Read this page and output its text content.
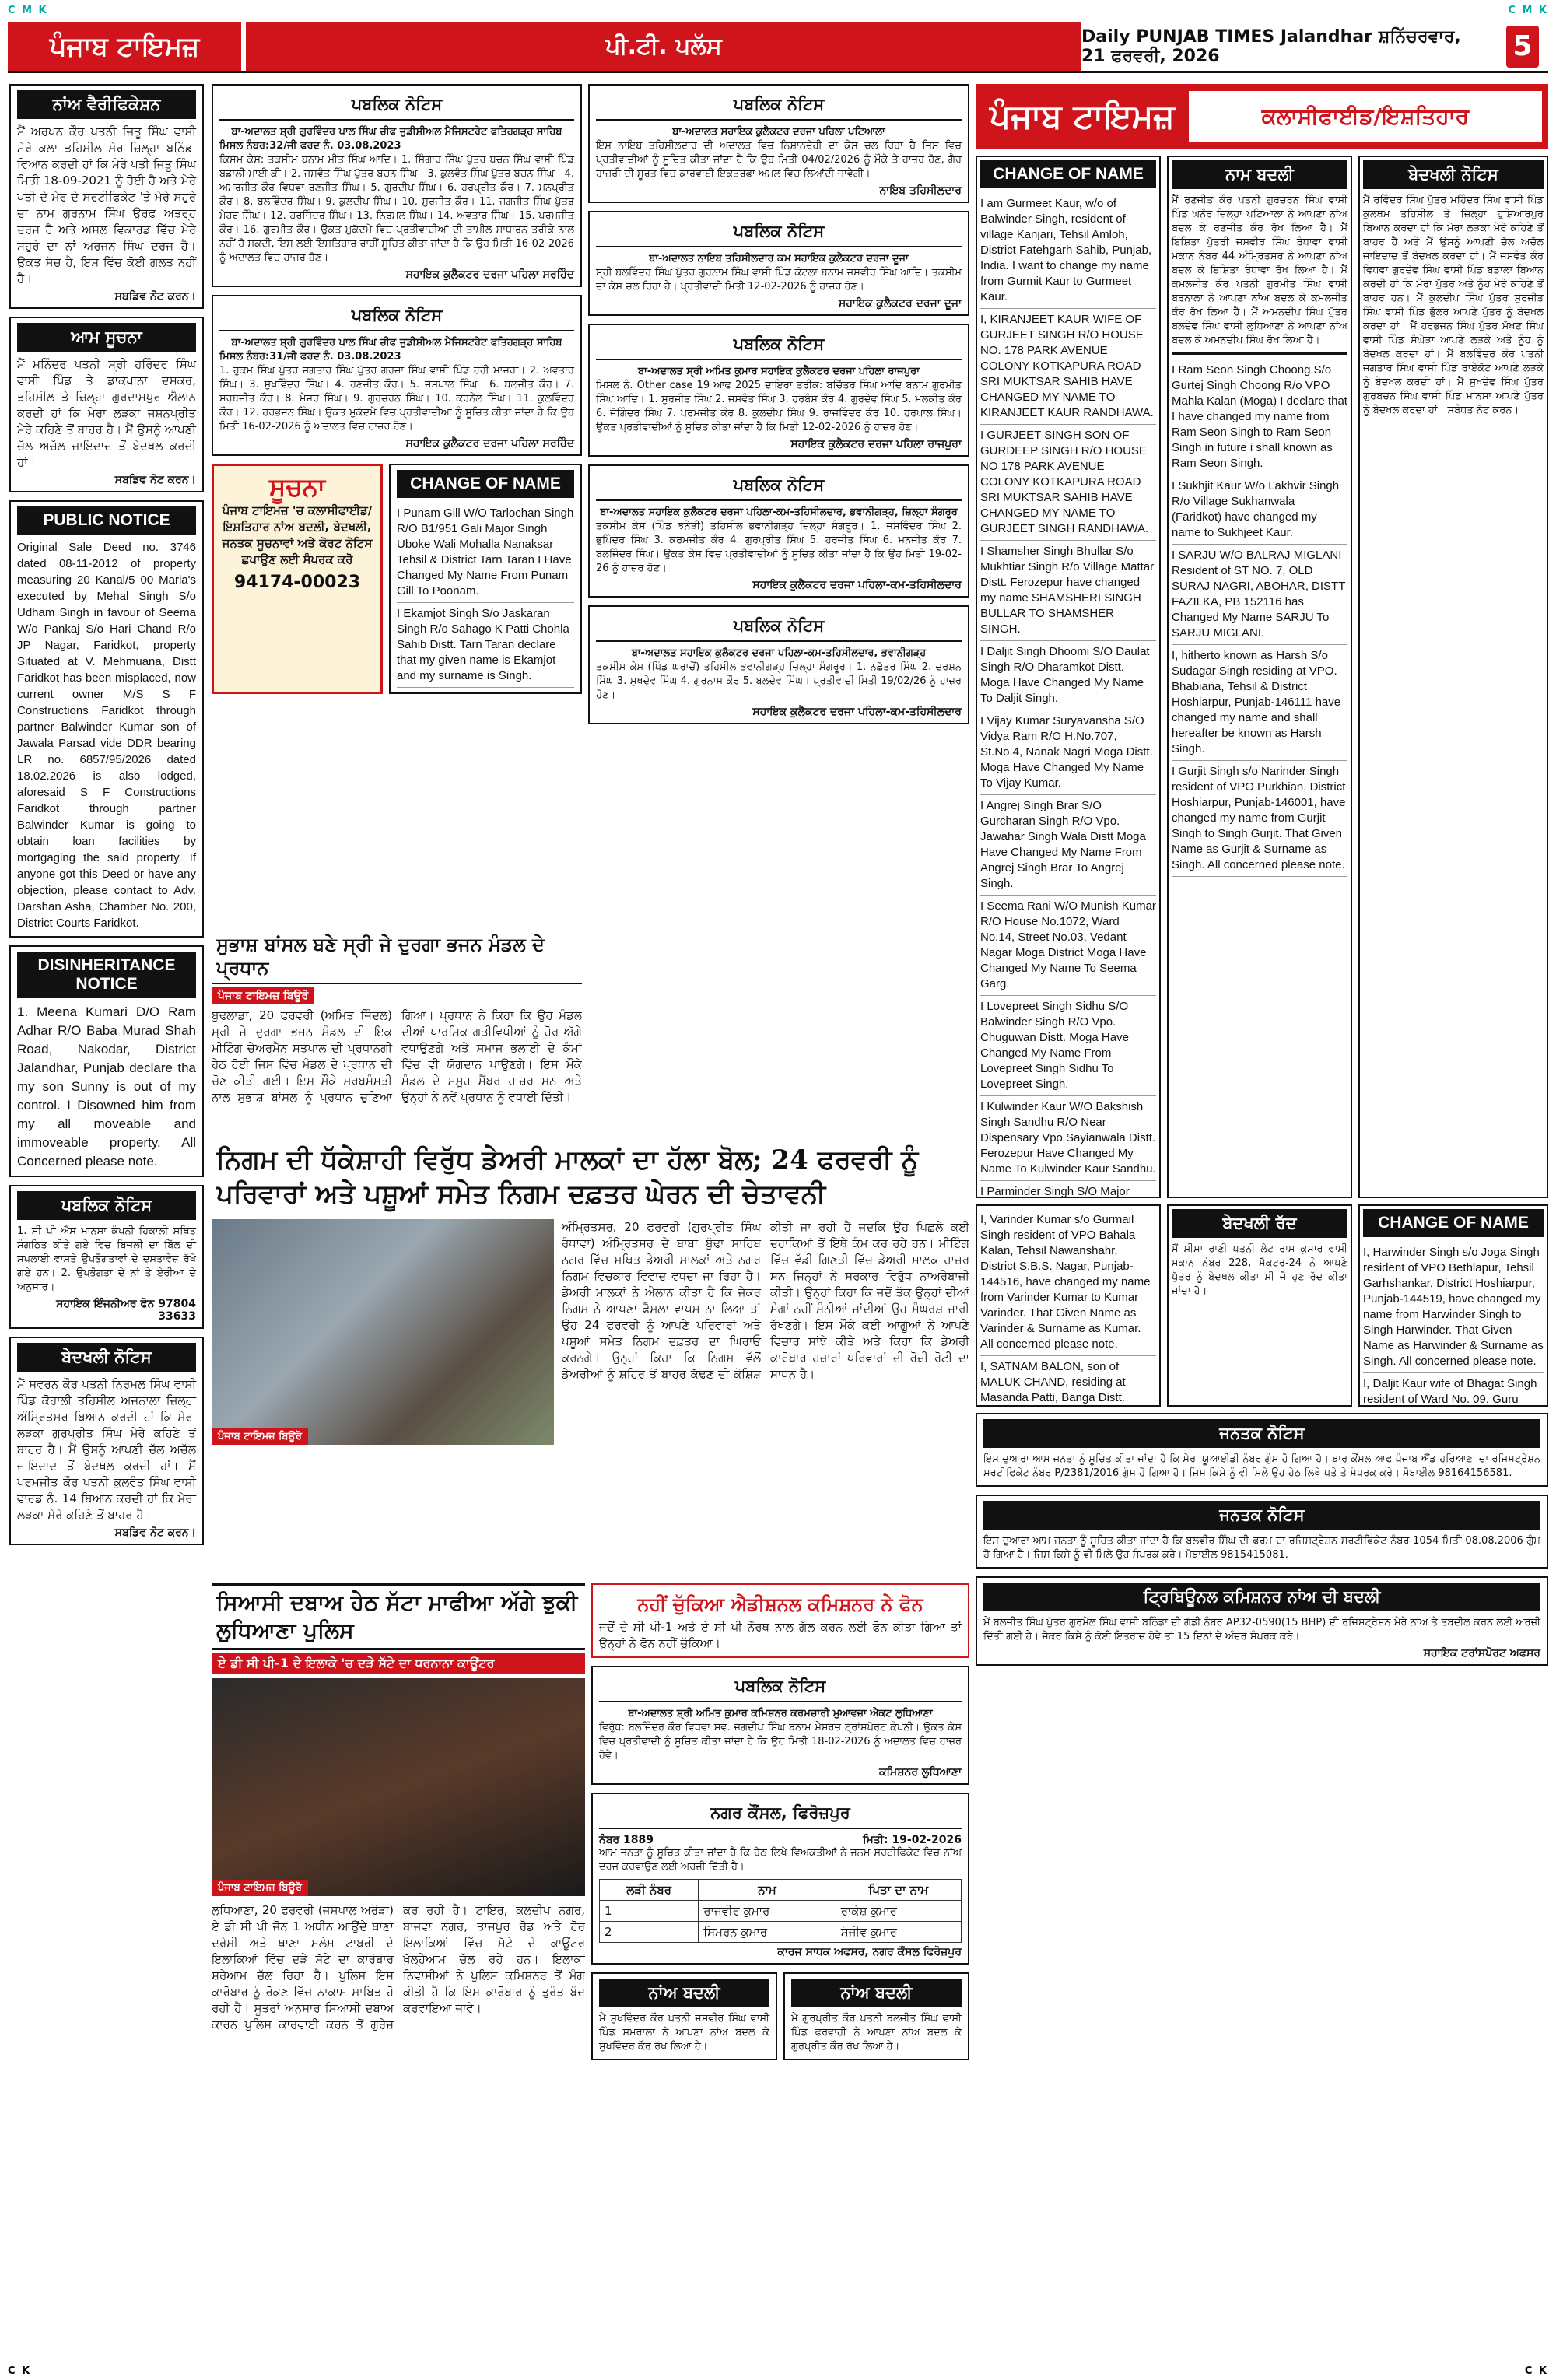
C M K	C M K
ਪੰਜਾਬ ਟਾਇਮਜ਼	ਪੀ.ਟੀ. ਪਲੱਸ	Daily PUNJAB TIMES Jalandhar ਸ਼ਨਿੱਚਰਵਾਰ, 21 ਫਰਵਰੀ, 2026	5
ਨਾਂਅ ਵੈਰੀਫਿਕੇਸ਼ਨ

ਮੈਂ ਅਰਪਨ ਕੌਰ ਪਤਨੀ ਜਿਤੂ ਸਿੰਘ ਵਾਸੀ ਮੇਰੇ ਕਲਾ ਤਹਿਸੀਲ ਮੇਰ ਜ਼ਿਲ੍ਹਾ ਬਠਿੰਡਾ ਵਿਆਨ ਕਰਦੀ ਹਾਂ ਕਿ ਮੇਰੇ ਪਤੀ ਜਿਤੂ ਸਿੰਘ ਮਿਤੀ 18-09-2021 ਨੂੰ ਹੋਈ ਹੈ ਅਤੇ ਮੇਰੇ ਪਤੀ ਦੇ ਮੇਰ ਦੇ ਸਰਟੀਫਿਕੇਟ 'ਤੇ ਮੇਰੇ ਸਹੁਰੇ ਦਾ ਨਾਮ ਗੁਰਨਾਮ ਸਿੰਘ ਉਰਫ ਅਤਰ੍ਹ ਦਰਜ ਹੈ ਅਤੇ ਅਸਲ ਵਿਕਾਰਡ ਵਿੱਚ ਮੇਰੇ ਸਹੁਰੇ ਦਾ ਨਾਂ ਅਰਜਨ ਸਿੰਘ ਦਰਜ ਹੈ। ਉਕਤ ਸੱਚ ਹੈ, ਇਸ ਵਿੱਚ ਕੋਈ ਗਲਤ ਨਹੀਂ ਹੈ।

ਸਬਡਿਵ ਨੋਟ ਕਰਨ।

ਆਮ ਸੂਚਨਾ

ਮੈਂ ਮਨਿੰਦਰ ਪਤਨੀ ਸ੍ਰੀ ਹਰਿੰਦਰ ਸਿੰਘ ਵਾਸੀ ਪਿੰਡ ਤੇ ਡਾਕਖਾਨਾ ਦਸਕਰ, ਤਹਿਸੀਲ ਤੇ ਜ਼ਿਲ੍ਹਾ ਗੁਰਦਾਸਪੁਰ ਐਲਾਨ ਕਰਦੀ ਹਾਂ ਕਿ ਮੇਰਾ ਲੜਕਾ ਜਸ਼ਨਪ੍ਰੀਤ ਮੇਰੇ ਕਹਿਣੇ ਤੋਂ ਬਾਹਰ ਹੈ। ਮੈਂ ਉਸਨੂੰ ਆਪਣੀ ਚੱਲ ਅਚੱਲ ਜਾਇਦਾਦ ਤੋਂ ਬੇਦਖਲ ਕਰਦੀ ਹਾਂ।

ਸਬਡਿਵ ਨੋਟ ਕਰਨ।

PUBLIC NOTICE

Original Sale Deed no. 3746 dated 08-11-2012 of property measuring 20 Kanal/5 00 Marla's executed by Mehal Singh S/o Udham Singh in favour of Seema W/o Pankaj S/o Hari Chand R/o JP Nagar, Faridkot, property Situated at V. Mehmuana, Distt Faridkot has been misplaced, now current owner M/S S F Constructions Faridkot through partner Balwinder Kumar son of Jawala Parsad vide DDR bearing LR no. 6857/95/2026 dated 18.02.2026 is also lodged, aforesaid S F Constructions Faridkot through partner Balwinder Kumar is going to obtain loan facilities by mortgaging the said property. If anyone got this Deed or have any objection, please contact to Adv. Darshan Asha, Chamber No. 200, District Courts Faridkot.

DISINHERITANCE NOTICE

1. Meena Kumari D/O Ram Adhar R/O Baba Murad Shah Road, Nakodar, District Jalandhar, Punjab declare tha my son Sunny is out of my control. I Disowned him from my all moveable and immoveable property. All Concerned please note.

ਪਬਲਿਕ ਨੋਟਿਸ

1. ਸੀ ਪੀ ਐਸ ਮਾਨਸਾ ਕੰਪਨੀ ਹਿਕਾਲੀ ਸਥਿਤ ਸੰਗਠਿਤ ਕੀਤੇ ਗਏ ਵਿਚ ਬਿਜਲੀ ਦਾ ਬਿੱਲ ਦੀ ਸਪਲਾਈ ਵਾਸਤੇ ਉਪਭੋਗਤਾਵਾਂ ਦੇ ਦਸਤਾਵੇਜ਼ ਰੱਖੇ ਗਏ ਹਨ। 2. ਉਪਭੋਗਤਾ ਦੇ ਨਾਂ ਤੇ ਏਰੀਆ ਦੇ ਅਨੁਸਾਰ।

ਸਹਾਇਕ ਇੰਜਨੀਅਰ ਫੋਨ 97804 33633

ਬੇਦਖਲੀ ਨੋਟਿਸ

ਮੈਂ ਸਵਰਨ ਕੌਰ ਪਤਨੀ ਨਿਰਮਲ ਸਿੰਘ ਵਾਸੀ ਪਿੰਡ ਕੋਹਾਲੀ ਤਹਿਸੀਲ ਅਜਨਾਲਾ ਜ਼ਿਲ੍ਹਾ ਅੰਮ੍ਰਿਤਸਰ ਬਿਆਨ ਕਰਦੀ ਹਾਂ ਕਿ ਮੇਰਾ ਲੜਕਾ ਗੁਰਪ੍ਰੀਤ ਸਿੰਘ ਮੇਰੇ ਕਹਿਣੇ ਤੋਂ ਬਾਹਰ ਹੈ। ਮੈਂ ਉਸਨੂੰ ਆਪਣੀ ਚੱਲ ਅਚੱਲ ਜਾਇਦਾਦ ਤੋਂ ਬੇਦਖਲ ਕਰਦੀ ਹਾਂ। ਮੈਂ ਪਰਮਜੀਤ ਕੌਰ ਪਤਨੀ ਕੁਲਵੰਤ ਸਿੰਘ ਵਾਸੀ ਵਾਰਡ ਨੰ. 14 ਬਿਆਨ ਕਰਦੀ ਹਾਂ ਕਿ ਮੇਰਾ ਲੜਕਾ ਮੇਰੇ ਕਹਿਣੇ ਤੋਂ ਬਾਹਰ ਹੈ।

ਸਬਡਿਵ ਨੋਟ ਕਰਨ।

ਪਬਲਿਕ ਨੋਟਿਸ

ਬਾ-ਅਦਾਲਤ ਸ਼੍ਰੀ ਗੁਰਵਿੰਦਰ ਪਾਲ ਸਿੰਘ ਚੀਫ ਜੁਡੀਸ਼ੀਅਲ ਮੈਜਿਸਟਰੇਟ ਫਤਿਹਗੜ੍ਹ ਸਾਹਿਬ

ਮਿਸਲ ਨੰਬਰ:32/ਜੀ ਫਰਦ ਨੰ. 03.08.2023

ਕਿਸਮ ਕੇਸ: ਤਕਸੀਮ ਬਨਾਮ ਮੀਤ ਸਿੰਘ ਆਦਿ। 1. ਸਿੰਗਾਰ ਸਿੰਘ ਪੁੱਤਰ ਬਚਨ ਸਿੰਘ ਵਾਸੀ ਪਿੰਡ ਬਡਾਲੀ ਮਾਈ ਕੀ। 2. ਜਸਵੰਤ ਸਿੰਘ ਪੁੱਤਰ ਬਚਨ ਸਿੰਘ। 3. ਕੁਲਵੰਤ ਸਿੰਘ ਪੁੱਤਰ ਬਚਨ ਸਿੰਘ। 4. ਅਮਰਜੀਤ ਕੌਰ ਵਿਧਵਾ ਰਣਜੀਤ ਸਿੰਘ। 5. ਗੁਰਦੀਪ ਸਿੰਘ। 6. ਹਰਪ੍ਰੀਤ ਕੌਰ। 7. ਮਨਪ੍ਰੀਤ ਕੌਰ। 8. ਬਲਵਿੰਦਰ ਸਿੰਘ। 9. ਕੁਲਦੀਪ ਸਿੰਘ। 10. ਸੁਰਜੀਤ ਕੌਰ। 11. ਜਗਜੀਤ ਸਿੰਘ ਪੁੱਤਰ ਮੇਹਰ ਸਿੰਘ। 12. ਹਰਜਿੰਦਰ ਸਿੰਘ। 13. ਨਿਰਮਲ ਸਿੰਘ। 14. ਅਵਤਾਰ ਸਿੰਘ। 15. ਪਰਮਜੀਤ ਕੌਰ। 16. ਗੁਰਮੀਤ ਕੌਰ। ਉਕਤ ਮੁਕੱਦਮੇ ਵਿਚ ਪ੍ਰਤੀਵਾਦੀਆਂ ਦੀ ਤਾਮੀਲ ਸਾਧਾਰਨ ਤਰੀਕੇ ਨਾਲ ਨਹੀਂ ਹੋ ਸਕਦੀ, ਇਸ ਲਈ ਇਸ਼ਤਿਹਾਰ ਰਾਹੀਂ ਸੂਚਿਤ ਕੀਤਾ ਜਾਂਦਾ ਹੈ ਕਿ ਉਹ ਮਿਤੀ 16-02-2026 ਨੂੰ ਅਦਾਲਤ ਵਿਚ ਹਾਜ਼ਰ ਹੋਣ।

ਸਹਾਇਕ ਕੁਲੈਕਟਰ ਦਰਜਾ ਪਹਿਲਾ ਸਰਹਿੰਦ

ਪਬਲਿਕ ਨੋਟਿਸ

ਬਾ-ਅਦਾਲਤ ਸ਼੍ਰੀ ਗੁਰਵਿੰਦਰ ਪਾਲ ਸਿੰਘ ਚੀਫ ਜੁਡੀਸ਼ੀਅਲ ਮੈਜਿਸਟਰੇਟ ਫਤਿਹਗੜ੍ਹ ਸਾਹਿਬ

ਮਿਸਲ ਨੰਬਰ:31/ਜੀ ਫਰਦ ਨੰ. 03.08.2023

1. ਹੁਕਮ ਸਿੰਘ ਪੁੱਤਰ ਜਗਤਾਰ ਸਿੰਘ ਪੁੱਤਰ ਗਰਜਾ ਸਿੰਘ ਵਾਸੀ ਪਿੰਡ ਹਰੀ ਮਾਜਰਾ। 2. ਅਵਤਾਰ ਸਿੰਘ। 3. ਸੁਖਵਿੰਦਰ ਸਿੰਘ। 4. ਰਣਜੀਤ ਕੌਰ। 5. ਜਸਪਾਲ ਸਿੰਘ। 6. ਬਲਜੀਤ ਕੌਰ। 7. ਸਰਬਜੀਤ ਕੌਰ। 8. ਮੇਜਰ ਸਿੰਘ। 9. ਗੁਰਚਰਨ ਸਿੰਘ। 10. ਕਰਨੈਲ ਸਿੰਘ। 11. ਕੁਲਵਿੰਦਰ ਕੌਰ। 12. ਹਰਭਜਨ ਸਿੰਘ। ਉਕਤ ਮੁਕੱਦਮੇ ਵਿਚ ਪ੍ਰਤੀਵਾਦੀਆਂ ਨੂੰ ਸੂਚਿਤ ਕੀਤਾ ਜਾਂਦਾ ਹੈ ਕਿ ਉਹ ਮਿਤੀ 16-02-2026 ਨੂੰ ਅਦਾਲਤ ਵਿਚ ਹਾਜ਼ਰ ਹੋਣ।

ਸਹਾਇਕ ਕੁਲੈਕਟਰ ਦਰਜਾ ਪਹਿਲਾ ਸਰਹਿੰਦ

ਸੂਚਨਾ

ਪੰਜਾਬ ਟਾਇਮਜ਼ 'ਚ ਕਲਾਸੀਫਾਈਡ/ ਇਸ਼ਤਿਹਾਰ ਨਾਂਅ ਬਦਲੀ, ਬੇਦਖਲੀ, ਜਨਤਕ ਸੂਚਨਾਵਾਂ ਅਤੇ ਕੋਰਟ ਨੋਟਿਸ ਛਪਾਉਣ ਲਈ ਸੰਪਰਕ ਕਰੋ

94174-00023
CHANGE OF NAME
I Punam Gill W/O Tarlochan Singh R/O B1/951 Gali Major Singh Uboke Wali Mohalla Nanaksar Tehsil & District Tarn Taran I Have Changed My Name From Punam Gill To Poonam.
I Ekamjot Singh S/o Jaskaran Singh R/o Sahago K Patti Chohla Sahib Distt. Tarn Taran declare that my given name is Ekamjot and my surname is Singh.
ਸੁਭਾਸ਼ ਬਾਂਸਲ ਬਣੇ ਸ੍ਰੀ ਜੇ ਦੁਰਗਾ ਭਜਨ ਮੰਡਲ ਦੇ ਪ੍ਰਧਾਨ
ਪੰਜਾਬ ਟਾਇਮਜ਼ ਬਿਊਰੋ

ਬੁਢਲਾਡਾ, 20 ਫਰਵਰੀ (ਅਮਿਤ ਜਿੰਦਲ) ਸ੍ਰੀ ਜੇ ਦੁਰਗਾ ਭਜਨ ਮੰਡਲ ਦੀ ਇਕ ਮੀਟਿੰਗ ਚੇਅਰਮੈਨ ਸਤਪਾਲ ਦੀ ਪ੍ਰਧਾਨਗੀ ਹੇਠ ਹੋਈ ਜਿਸ ਵਿੱਚ ਮੰਡਲ ਦੇ ਪ੍ਰਧਾਨ ਦੀ ਚੋਣ ਕੀਤੀ ਗਈ। ਇਸ ਮੌਕੇ ਸਰਬਸੰਮਤੀ ਨਾਲ ਸੁਭਾਸ਼ ਬਾਂਸਲ ਨੂੰ ਪ੍ਰਧਾਨ ਚੁਣਿਆ ਗਿਆ। ਪ੍ਰਧਾਨ ਨੇ ਕਿਹਾ ਕਿ ਉਹ ਮੰਡਲ ਦੀਆਂ ਧਾਰਮਿਕ ਗਤੀਵਿਧੀਆਂ ਨੂੰ ਹੋਰ ਅੱਗੇ ਵਧਾਉਣਗੇ ਅਤੇ ਸਮਾਜ ਭਲਾਈ ਦੇ ਕੰਮਾਂ ਵਿੱਚ ਵੀ ਯੋਗਦਾਨ ਪਾਉਣਗੇ। ਇਸ ਮੌਕੇ ਮੰਡਲ ਦੇ ਸਮੂਹ ਮੈਂਬਰ ਹਾਜ਼ਰ ਸਨ ਅਤੇ ਉਨ੍ਹਾਂ ਨੇ ਨਵੇਂ ਪ੍ਰਧਾਨ ਨੂੰ ਵਧਾਈ ਦਿੱਤੀ।

ਪਬਲਿਕ ਨੋਟਿਸ

ਬਾ-ਅਦਾਲਤ ਸਹਾਇਕ ਕੁਲੈਕਟਰ ਦਰਜਾ ਪਹਿਲਾ ਪਟਿਆਲਾ

ਇਸ ਨਾਇਬ ਤਹਿਸੀਲਦਾਰ ਦੀ ਅਦਾਲਤ ਵਿਚ ਨਿਸ਼ਾਨਦੇਹੀ ਦਾ ਕੇਸ ਚਲ ਰਿਹਾ ਹੈ ਜਿਸ ਵਿਚ ਪ੍ਰਤੀਵਾਦੀਆਂ ਨੂੰ ਸੂਚਿਤ ਕੀਤਾ ਜਾਂਦਾ ਹੈ ਕਿ ਉਹ ਮਿਤੀ 04/02/2026 ਨੂੰ ਮੌਕੇ ਤੇ ਹਾਜ਼ਰ ਹੋਣ, ਗੈਰ ਹਾਜ਼ਰੀ ਦੀ ਸੂਰਤ ਵਿਚ ਕਾਰਵਾਈ ਇਕਤਰਫਾ ਅਮਲ ਵਿਚ ਲਿਆਂਦੀ ਜਾਵੇਗੀ।

ਨਾਇਬ ਤਹਿਸੀਲਦਾਰ

ਪਬਲਿਕ ਨੋਟਿਸ

ਬਾ-ਅਦਾਲਤ ਨਾਇਬ ਤਹਿਸੀਲਦਾਰ ਕਮ ਸਹਾਇਕ ਕੁਲੈਕਟਰ ਦਰਜਾ ਦੂਜਾ

ਸ੍ਰੀ ਬਲਵਿੰਦਰ ਸਿੰਘ ਪੁੱਤਰ ਗੁਰਨਾਮ ਸਿੰਘ ਵਾਸੀ ਪਿੰਡ ਕੋਟਲਾ ਬਨਾਮ ਜਸਵੀਰ ਸਿੰਘ ਆਦਿ। ਤਕਸੀਮ ਦਾ ਕੇਸ ਚਲ ਰਿਹਾ ਹੈ। ਪ੍ਰਤੀਵਾਦੀ ਮਿਤੀ 12-02-2026 ਨੂੰ ਹਾਜ਼ਰ ਹੋਣ।

ਸਹਾਇਕ ਕੁਲੈਕਟਰ ਦਰਜਾ ਦੂਜਾ

ਪਬਲਿਕ ਨੋਟਿਸ

ਬਾ-ਅਦਾਲਤ ਸ੍ਰੀ ਅਮਿਤ ਕੁਮਾਰ ਸਹਾਇਕ ਕੁਲੈਕਟਰ ਦਰਜਾ ਪਹਿਲਾ ਰਾਜਪੁਰਾ

ਮਿਸਲ ਨੰ. Other case 19 ਆਫ 2025 ਦਾਇਰਾ ਤਰੀਕ: ਬਚਿੱਤਰ ਸਿੰਘ ਆਦਿ ਬਨਾਮ ਗੁਰਮੀਤ ਸਿੰਘ ਆਦਿ। 1. ਸੁਰਜੀਤ ਸਿੰਘ 2. ਜਸਵੰਤ ਸਿੰਘ 3. ਹਰਬੰਸ ਕੌਰ 4. ਗੁਰਦੇਵ ਸਿੰਘ 5. ਮਲਕੀਤ ਕੌਰ 6. ਜੋਗਿੰਦਰ ਸਿੰਘ 7. ਪਰਮਜੀਤ ਕੌਰ 8. ਕੁਲਦੀਪ ਸਿੰਘ 9. ਰਾਜਵਿੰਦਰ ਕੌਰ 10. ਹਰਪਾਲ ਸਿੰਘ। ਉਕਤ ਪ੍ਰਤੀਵਾਦੀਆਂ ਨੂੰ ਸੂਚਿਤ ਕੀਤਾ ਜਾਂਦਾ ਹੈ ਕਿ ਮਿਤੀ 12-02-2026 ਨੂੰ ਹਾਜ਼ਰ ਹੋਣ।

ਸਹਾਇਕ ਕੁਲੈਕਟਰ ਦਰਜਾ ਪਹਿਲਾ ਰਾਜਪੁਰਾ

ਪਬਲਿਕ ਨੋਟਿਸ

ਬਾ-ਅਦਾਲਤ ਸਹਾਇਕ ਕੁਲੈਕਟਰ ਦਰਜਾ ਪਹਿਲਾ-ਕਮ-ਤਹਿਸੀਲਦਾਰ, ਭਵਾਨੀਗੜ੍ਹ, ਜ਼ਿਲ੍ਹਾ ਸੰਗਰੂਰ

ਤਕਸੀਮ ਕੇਸ (ਪਿੰਡ ਝਨੇੜੀ) ਤਹਿਸੀਲ ਭਵਾਨੀਗੜ੍ਹ ਜ਼ਿਲ੍ਹਾ ਸੰਗਰੂਰ। 1. ਜਸਵਿੰਦਰ ਸਿੰਘ 2. ਭੁਪਿੰਦਰ ਸਿੰਘ 3. ਕਰਮਜੀਤ ਕੌਰ 4. ਗੁਰਪ੍ਰੀਤ ਸਿੰਘ 5. ਹਰਜੀਤ ਸਿੰਘ 6. ਮਨਜੀਤ ਕੌਰ 7. ਬਲਜਿੰਦਰ ਸਿੰਘ। ਉਕਤ ਕੇਸ ਵਿਚ ਪ੍ਰਤੀਵਾਦੀਆਂ ਨੂੰ ਸੂਚਿਤ ਕੀਤਾ ਜਾਂਦਾ ਹੈ ਕਿ ਉਹ ਮਿਤੀ 19-02-26 ਨੂੰ ਹਾਜ਼ਰ ਹੋਣ।

ਸਹਾਇਕ ਕੁਲੈਕਟਰ ਦਰਜਾ ਪਹਿਲਾ-ਕਮ-ਤਹਿਸੀਲਦਾਰ

ਪਬਲਿਕ ਨੋਟਿਸ

ਬਾ-ਅਦਾਲਤ ਸਹਾਇਕ ਕੁਲੈਕਟਰ ਦਰਜਾ ਪਹਿਲਾ-ਕਮ-ਤਹਿਸੀਲਦਾਰ, ਭਵਾਨੀਗੜ੍ਹ

ਤਕਸੀਮ ਕੇਸ (ਪਿੰਡ ਘਰਾਚੋਂ) ਤਹਿਸੀਲ ਭਵਾਨੀਗੜ੍ਹ ਜ਼ਿਲ੍ਹਾ ਸੰਗਰੂਰ। 1. ਨਛੱਤਰ ਸਿੰਘ 2. ਦਰਸ਼ਨ ਸਿੰਘ 3. ਸੁਖਦੇਵ ਸਿੰਘ 4. ਗੁਰਨਾਮ ਕੌਰ 5. ਬਲਦੇਵ ਸਿੰਘ। ਪ੍ਰਤੀਵਾਦੀ ਮਿਤੀ 19/02/26 ਨੂੰ ਹਾਜ਼ਰ ਹੋਣ।

ਸਹਾਇਕ ਕੁਲੈਕਟਰ ਦਰਜਾ ਪਹਿਲਾ-ਕਮ-ਤਹਿਸੀਲਦਾਰ

ਨਿਗਮ ਦੀ ਧੱਕੇਸ਼ਾਹੀ ਵਿਰੁੱਧ ਡੇਅਰੀ ਮਾਲਕਾਂ ਦਾ ਹੱਲਾ ਬੋਲ; 24 ਫਰਵਰੀ ਨੂੰ ਪਰਿਵਾਰਾਂ ਅਤੇ ਪਸ਼ੂਆਂ ਸਮੇਤ ਨਿਗਮ ਦਫ਼ਤਰ ਘੇਰਨ ਦੀ ਚੇਤਾਵਨੀ
ਪੰਜਾਬ ਟਾਇਮਜ਼ ਬਿਊਰੋ

ਅੰਮ੍ਰਿਤਸਰ, 20 ਫਰਵਰੀ (ਗੁਰਪ੍ਰੀਤ ਸਿੰਘ ਰੰਧਾਵਾ) ਅੰਮ੍ਰਿਤਸਰ ਦੇ ਬਾਬਾ ਬੁੱਢਾ ਸਾਹਿਬ ਨਗਰ ਵਿੱਚ ਸਥਿਤ ਡੇਅਰੀ ਮਾਲਕਾਂ ਅਤੇ ਨਗਰ ਨਿਗਮ ਵਿਚਕਾਰ ਵਿਵਾਦ ਵਧਦਾ ਜਾ ਰਿਹਾ ਹੈ। ਡੇਅਰੀ ਮਾਲਕਾਂ ਨੇ ਐਲਾਨ ਕੀਤਾ ਹੈ ਕਿ ਜੇਕਰ ਨਿਗਮ ਨੇ ਆਪਣਾ ਫੈਸਲਾ ਵਾਪਸ ਨਾ ਲਿਆ ਤਾਂ ਉਹ 24 ਫਰਵਰੀ ਨੂੰ ਆਪਣੇ ਪਰਿਵਾਰਾਂ ਅਤੇ ਪਸ਼ੂਆਂ ਸਮੇਤ ਨਿਗਮ ਦਫ਼ਤਰ ਦਾ ਘਿਰਾਓ ਕਰਨਗੇ। ਉਨ੍ਹਾਂ ਕਿਹਾ ਕਿ ਨਿਗਮ ਵੱਲੋਂ ਡੇਅਰੀਆਂ ਨੂੰ ਸ਼ਹਿਰ ਤੋਂ ਬਾਹਰ ਕੱਢਣ ਦੀ ਕੋਸ਼ਿਸ਼ ਕੀਤੀ ਜਾ ਰਹੀ ਹੈ ਜਦਕਿ ਉਹ ਪਿਛਲੇ ਕਈ ਦਹਾਕਿਆਂ ਤੋਂ ਇੱਥੇ ਕੰਮ ਕਰ ਰਹੇ ਹਨ। ਮੀਟਿੰਗ ਵਿੱਚ ਵੱਡੀ ਗਿਣਤੀ ਵਿੱਚ ਡੇਅਰੀ ਮਾਲਕ ਹਾਜ਼ਰ ਸਨ ਜਿਨ੍ਹਾਂ ਨੇ ਸਰਕਾਰ ਵਿਰੁੱਧ ਨਾਅਰੇਬਾਜ਼ੀ ਕੀਤੀ। ਉਨ੍ਹਾਂ ਕਿਹਾ ਕਿ ਜਦੋਂ ਤੱਕ ਉਨ੍ਹਾਂ ਦੀਆਂ ਮੰਗਾਂ ਨਹੀਂ ਮੰਨੀਆਂ ਜਾਂਦੀਆਂ ਉਹ ਸੰਘਰਸ਼ ਜਾਰੀ ਰੱਖਣਗੇ। ਇਸ ਮੌਕੇ ਕਈ ਆਗੂਆਂ ਨੇ ਆਪਣੇ ਵਿਚਾਰ ਸਾਂਝੇ ਕੀਤੇ ਅਤੇ ਕਿਹਾ ਕਿ ਡੇਅਰੀ ਕਾਰੋਬਾਰ ਹਜ਼ਾਰਾਂ ਪਰਿਵਾਰਾਂ ਦੀ ਰੋਜ਼ੀ ਰੋਟੀ ਦਾ ਸਾਧਨ ਹੈ।

ਸਿਆਸੀ ਦਬਾਅ ਹੇਠ ਸੱਟਾ ਮਾਫੀਆ ਅੱਗੇ ਝੁਕੀ ਲੁਧਿਆਣਾ ਪੁਲਿਸ
ਏ ਡੀ ਸੀ ਪੀ-1 ਦੇ ਇਲਾਕੇ 'ਚ ਦੜੇ ਸੱਟੇ ਦਾ ਧਰਨਾਨਾ ਕਾਊਂਟਰ
ਪੰਜਾਬ ਟਾਇਮਜ਼ ਬਿਊਰੋ

ਲੁਧਿਆਣਾ, 20 ਫਰਵਰੀ (ਜਸਪਾਲ ਅਰੋੜਾ) ਏ ਡੀ ਸੀ ਪੀ ਜੋਨ 1 ਅਧੀਨ ਆਉਂਦੇ ਥਾਣਾ ਦਰੇਸੀ ਅਤੇ ਥਾਣਾ ਸਲੇਮ ਟਾਬਰੀ ਦੇ ਇਲਾਕਿਆਂ ਵਿੱਚ ਦੜੇ ਸੱਟੇ ਦਾ ਕਾਰੋਬਾਰ ਸ਼ਰੇਆਮ ਚੱਲ ਰਿਹਾ ਹੈ। ਪੁਲਿਸ ਇਸ ਕਾਰੋਬਾਰ ਨੂੰ ਰੋਕਣ ਵਿੱਚ ਨਾਕਾਮ ਸਾਬਿਤ ਹੋ ਰਹੀ ਹੈ। ਸੂਤਰਾਂ ਅਨੁਸਾਰ ਸਿਆਸੀ ਦਬਾਅ ਕਾਰਨ ਪੁਲਿਸ ਕਾਰਵਾਈ ਕਰਨ ਤੋਂ ਗੁਰੇਜ਼ ਕਰ ਰਹੀ ਹੈ। ਟਾਇਰ, ਕੁਲਦੀਪ ਨਗਰ, ਬਾਜਵਾ ਨਗਰ, ਤਾਜਪੁਰ ਰੋਡ ਅਤੇ ਹੋਰ ਇਲਾਕਿਆਂ ਵਿੱਚ ਸੱਟੇ ਦੇ ਕਾਊਂਟਰ ਖੁੱਲ੍ਹੇਆਮ ਚੱਲ ਰਹੇ ਹਨ। ਇਲਾਕਾ ਨਿਵਾਸੀਆਂ ਨੇ ਪੁਲਿਸ ਕਮਿਸ਼ਨਰ ਤੋਂ ਮੰਗ ਕੀਤੀ ਹੈ ਕਿ ਇਸ ਕਾਰੋਬਾਰ ਨੂੰ ਤੁਰੰਤ ਬੰਦ ਕਰਵਾਇਆ ਜਾਵੇ।

ਨਹੀਂ ਚੁੱਕਿਆ ਐਡੀਸ਼ਨਲ ਕਮਿਸ਼ਨਰ ਨੇ ਫੋਨ

ਜਦੋਂ ਦੇ ਸੀ ਪੀ-1 ਅਤੇ ਏ ਸੀ ਪੀ ਨੌਰਥ ਨਾਲ ਗੱਲ ਕਰਨ ਲਈ ਫੋਨ ਕੀਤਾ ਗਿਆ ਤਾਂ ਉਨ੍ਹਾਂ ਨੇ ਫੋਨ ਨਹੀਂ ਚੁੱਕਿਆ।

ਪਬਲਿਕ ਨੋਟਿਸ

ਬਾ-ਅਦਾਲਤ ਸ਼੍ਰੀ ਅਮਿਤ ਕੁਮਾਰ ਕਮਿਸ਼ਨਰ ਕਰਮਚਾਰੀ ਮੁਆਵਜ਼ਾ ਐਕਟ ਲੁਧਿਆਣਾ

ਵਿਰੁੱਧ: ਬਲਜਿੰਦਰ ਕੌਰ ਵਿਧਵਾ ਸਵ. ਜਗਦੀਪ ਸਿੰਘ ਬਨਾਮ ਮੈਸਰਜ਼ ਟ੍ਰਾਂਸਪੋਰਟ ਕੰਪਨੀ। ਉਕਤ ਕੇਸ ਵਿਚ ਪ੍ਰਤੀਵਾਦੀ ਨੂੰ ਸੂਚਿਤ ਕੀਤਾ ਜਾਂਦਾ ਹੈ ਕਿ ਉਹ ਮਿਤੀ 18-02-2026 ਨੂੰ ਅਦਾਲਤ ਵਿਚ ਹਾਜ਼ਰ ਹੋਵੇ।

ਕਮਿਸ਼ਨਰ ਲੁਧਿਆਣਾ

ਨਗਰ ਕੌਂਸਲ, ਫਿਰੋਜ਼ਪੁਰ
ਨੰਬਰ 1889	ਮਿਤੀ: 19-02-2026

ਆਮ ਜਨਤਾ ਨੂੰ ਸੂਚਿਤ ਕੀਤਾ ਜਾਂਦਾ ਹੈ ਕਿ ਹੇਠ ਲਿਖੇ ਵਿਅਕਤੀਆਂ ਨੇ ਜਨਮ ਸਰਟੀਫਿਕੇਟ ਵਿਚ ਨਾਂਅ ਦਰਜ ਕਰਵਾਉਣ ਲਈ ਅਰਜ਼ੀ ਦਿੱਤੀ ਹੈ।

ਲੜੀ ਨੰਬਰ	ਨਾਮ	ਪਿਤਾ ਦਾ ਨਾਮ
1	ਰਾਜਵੀਰ ਕੁਮਾਰ	ਰਾਕੇਸ਼ ਕੁਮਾਰ
2	ਸਿਮਰਨ ਕੁਮਾਰ	ਸੰਜੀਵ ਕੁਮਾਰ

ਕਾਰਜ ਸਾਧਕ ਅਫਸਰ, ਨਗਰ ਕੌਂਸਲ ਫਿਰੋਜ਼ਪੁਰ

ਨਾਂਅ ਬਦਲੀ

ਮੈਂ ਸੁਖਵਿੰਦਰ ਕੌਰ ਪਤਨੀ ਜਸਵੀਰ ਸਿੰਘ ਵਾਸੀ ਪਿੰਡ ਸਮਰਾਲਾ ਨੇ ਆਪਣਾ ਨਾਂਅ ਬਦਲ ਕੇ ਸੁਖਵਿੰਦਰ ਕੌਰ ਰੱਖ ਲਿਆ ਹੈ।

ਨਾਂਅ ਬਦਲੀ

ਮੈਂ ਗੁਰਪ੍ਰੀਤ ਕੌਰ ਪਤਨੀ ਬਲਜੀਤ ਸਿੰਘ ਵਾਸੀ ਪਿੰਡ ਫਰਵਾਹੀ ਨੇ ਆਪਣਾ ਨਾਂਅ ਬਦਲ ਕੇ ਗੁਰਪ੍ਰੀਤ ਕੌਰ ਰੱਖ ਲਿਆ ਹੈ।

ਪੰਜਾਬ ਟਾਇਮਜ਼	ਕਲਾਸੀਫਾਈਡ/ਇਸ਼ਤਿਹਾਰ
CHANGE OF NAME
I am Gurmeet Kaur, w/o of Balwinder Singh, resident of village Kanjari, Tehsil Amloh, District Fatehgarh Sahib, Punjab, India. I want to change my name from Gurmit Kaur to Gurmeet Kaur.
I, KIRANJEET KAUR WIFE OF GURJEET SINGH R/O HOUSE NO. 178 PARK AVENUE COLONY KOTKAPURA ROAD SRI MUKTSAR SAHIB HAVE CHANGED MY NAME TO KIRANJEET KAUR RANDHAWA.
I GURJEET SINGH SON OF GURDEEP SINGH R/O HOUSE NO 178 PARK AVENUE COLONY KOTKAPURA ROAD SRI MUKTSAR SAHIB HAVE CHANGED MY NAME TO GURJEET SINGH RANDHAWA.
I Shamsher Singh Bhullar S/o Mukhtiar Singh R/o Village Mattar Distt. Ferozepur have changed my name SHAMSHERI SINGH BULLAR TO SHAMSHER SINGH.
I Daljit Singh Dhoomi S/O Daulat Singh R/O Dharamkot Distt. Moga Have Changed My Name To Daljit Singh.
I Vijay Kumar Suryavansha S/O Vidya Ram R/O H.No.707, St.No.4, Nanak Nagri Moga Distt. Moga Have Changed My Name To Vijay Kumar.
I Angrej Singh Brar S/O Gurcharan Singh R/O Vpo. Jawahar Singh Wala Distt Moga Have Changed My Name From Angrej Singh Brar To Angrej Singh.
I Seema Rani W/O Munish Kumar R/O House No.1072, Ward No.14, Street No.03, Vedant Nagar Moga District Moga Have Changed My Name To Seema Garg.
I Lovepreet Singh Sidhu S/O Balwinder Singh R/O Vpo. Chuguwan Distt. Moga Have Changed My Name From Lovepreet Singh Sidhu To Lovepreet Singh.
I Kulwinder Kaur W/O Bakshish Singh Sandhu R/O Near Dispensary Vpo Sayianwala Distt. Ferozepur Have Changed My Name To Kulwinder Kaur Sandhu.
I Parminder Singh S/O Major
ਨਾਮ ਬਦਲੀ

ਮੈਂ ਰਣਜੀਤ ਕੌਰ ਪਤਨੀ ਗੁਰਚਰਨ ਸਿੰਘ ਵਾਸੀ ਪਿੰਡ ਘਨੌਰ ਜ਼ਿਲ੍ਹਾ ਪਟਿਆਲਾ ਨੇ ਆਪਣਾ ਨਾਂਅ ਬਦਲ ਕੇ ਰਣਜੀਤ ਕੌਰ ਰੱਖ ਲਿਆ ਹੈ। ਮੈਂ ਇਸ਼ਿਤਾ ਪੁੱਤਰੀ ਜਸਵੀਰ ਸਿੰਘ ਰੰਧਾਵਾ ਵਾਸੀ ਮਕਾਨ ਨੰਬਰ 44 ਅੰਮ੍ਰਿਤਸਰ ਨੇ ਆਪਣਾ ਨਾਂਅ ਬਦਲ ਕੇ ਇਸ਼ਿਤਾ ਰੰਧਾਵਾ ਰੱਖ ਲਿਆ ਹੈ। ਮੈਂ ਕਮਲਜੀਤ ਕੌਰ ਪਤਨੀ ਗੁਰਮੀਤ ਸਿੰਘ ਵਾਸੀ ਬਰਨਾਲਾ ਨੇ ਆਪਣਾ ਨਾਂਅ ਬਦਲ ਕੇ ਕਮਲਜੀਤ ਕੌਰ ਰੱਖ ਲਿਆ ਹੈ। ਮੈਂ ਅਮਨਦੀਪ ਸਿੰਘ ਪੁੱਤਰ ਬਲਦੇਵ ਸਿੰਘ ਵਾਸੀ ਲੁਧਿਆਣਾ ਨੇ ਆਪਣਾ ਨਾਂਅ ਬਦਲ ਕੇ ਅਮਨਦੀਪ ਸਿੰਘ ਰੱਖ ਲਿਆ ਹੈ।

I Ram Seon Singh Choong S/o Gurtej Singh Choong R/o VPO Mahla Kalan (Moga) I declare that I have changed my name from Ram Seon Singh to Ram Seon Singh in future i shall known as Ram Seon Singh.
I Sukhjit Kaur W/o Lakhvir Singh R/o Village Sukhanwala (Faridkot) have changed my name to Sukhjeet Kaur.
I SARJU W/O BALRAJ MIGLANI Resident of ST NO. 7, OLD SURAJ NAGRI, ABOHAR, DISTT FAZILKA, PB 152116 has Changed My Name SARJU To SARJU MIGLANI.
I, hitherto known as Harsh S/o Sudagar Singh residing at VPO. Bhabiana, Tehsil & District Hoshiarpur, Punjab-146111 have changed my name and shall hereafter be known as Harsh Singh.
I Gurjit Singh s/o Narinder Singh resident of VPO Purkhian, District Hoshiarpur, Punjab-146001, have changed my name from Gurjit Singh to Singh Gurjit. That Given Name as Gurjit & Surname as Singh. All concerned please note.
ਬੇਦਖਲੀ ਨੋਟਿਸ

ਮੈਂ ਰਵਿੰਦਰ ਸਿੰਘ ਪੁੱਤਰ ਮਹਿੰਦਰ ਸਿੰਘ ਵਾਸੀ ਪਿੰਡ ਕੁਲਥਮ ਤਹਿਸੀਲ ਤੇ ਜ਼ਿਲ੍ਹਾ ਹੁਸ਼ਿਆਰਪੁਰ ਬਿਆਨ ਕਰਦਾ ਹਾਂ ਕਿ ਮੇਰਾ ਲੜਕਾ ਮੇਰੇ ਕਹਿਣੇ ਤੋਂ ਬਾਹਰ ਹੈ ਅਤੇ ਮੈਂ ਉਸਨੂੰ ਆਪਣੀ ਚੱਲ ਅਚੱਲ ਜਾਇਦਾਦ ਤੋਂ ਬੇਦਖਲ ਕਰਦਾ ਹਾਂ। ਮੈਂ ਜਸਵੰਤ ਕੌਰ ਵਿਧਵਾ ਗੁਰਦੇਵ ਸਿੰਘ ਵਾਸੀ ਪਿੰਡ ਬਡਾਲਾ ਬਿਆਨ ਕਰਦੀ ਹਾਂ ਕਿ ਮੇਰਾ ਪੁੱਤਰ ਅਤੇ ਨੂੰਹ ਮੇਰੇ ਕਹਿਣੇ ਤੋਂ ਬਾਹਰ ਹਨ। ਮੈਂ ਕੁਲਦੀਪ ਸਿੰਘ ਪੁੱਤਰ ਸੁਰਜੀਤ ਸਿੰਘ ਵਾਸੀ ਪਿੰਡ ਭੁੱਲਰ ਆਪਣੇ ਪੁੱਤਰ ਨੂੰ ਬੇਦਖਲ ਕਰਦਾ ਹਾਂ। ਮੈਂ ਹਰਭਜਨ ਸਿੰਘ ਪੁੱਤਰ ਮੱਖਣ ਸਿੰਘ ਵਾਸੀ ਪਿੰਡ ਸੰਘੇੜਾ ਆਪਣੇ ਲੜਕੇ ਅਤੇ ਨੂੰਹ ਨੂੰ ਬੇਦਖਲ ਕਰਦਾ ਹਾਂ। ਮੈਂ ਬਲਵਿੰਦਰ ਕੌਰ ਪਤਨੀ ਜਗਤਾਰ ਸਿੰਘ ਵਾਸੀ ਪਿੰਡ ਰਾਏਕੋਟ ਆਪਣੇ ਲੜਕੇ ਨੂੰ ਬੇਦਖਲ ਕਰਦੀ ਹਾਂ। ਮੈਂ ਸੁਖਦੇਵ ਸਿੰਘ ਪੁੱਤਰ ਗੁਰਬਚਨ ਸਿੰਘ ਵਾਸੀ ਪਿੰਡ ਮਾਨਸਾ ਆਪਣੇ ਪੁੱਤਰ ਨੂੰ ਬੇਦਖਲ ਕਰਦਾ ਹਾਂ। ਸਬੰਧਤ ਨੋਟ ਕਰਨ।

I, Varinder Kumar s/o Gurmail Singh resident of VPO Bahala Kalan, Tehsil Nawanshahr, District S.B.S. Nagar, Punjab-144516, have changed my name from Varinder Kumar to Kumar Varinder. That Given Name as Varinder & Surname as Kumar. All concerned please note.
I, SATNAM BALON, son of MALUK CHAND, residing at Masanda Patti, Banga Distt.
ਬੇਦਖਲੀ ਰੱਦ

ਮੈਂ ਸੀਮਾ ਰਾਣੀ ਪਤਨੀ ਲੇਟ ਰਾਮ ਕੁਮਾਰ ਵਾਸੀ ਮਕਾਨ ਨੰਬਰ 228, ਸੈਕਟਰ-24 ਨੇ ਆਪਣੇ ਪੁੱਤਰ ਨੂੰ ਬੇਦਖਲ ਕੀਤਾ ਸੀ ਜੋ ਹੁਣ ਰੱਦ ਕੀਤਾ ਜਾਂਦਾ ਹੈ।

CHANGE OF NAME
I, Harwinder Singh s/o Joga Singh resident of VPO Bethlapur, Tehsil Garhshankar, District Hoshiarpur, Punjab-144519, have changed my name from Harwinder Singh to Singh Harwinder. That Given Name as Harwinder & Surname as Singh. All concerned please note.
I, Daljit Kaur wife of Bhagat Singh resident of Ward No. 09, Guru
ਜਨਤਕ ਨੋਟਿਸ

ਇਸ ਦੁਆਰਾ ਆਮ ਜਨਤਾ ਨੂੰ ਸੂਚਿਤ ਕੀਤਾ ਜਾਂਦਾ ਹੈ ਕਿ ਮੇਰਾ ਯੂਆਈਡੀ ਨੰਬਰ ਗੁੰਮ ਹੋ ਗਿਆ ਹੈ। ਬਾਰ ਕੌਂਸਲ ਆਫ ਪੰਜਾਬ ਐਂਡ ਹਰਿਆਣਾ ਦਾ ਰਜਿਸਟ੍ਰੇਸ਼ਨ ਸਰਟੀਫਿਕੇਟ ਨੰਬਰ P/2381/2016 ਗੁੰਮ ਹੋ ਗਿਆ ਹੈ। ਜਿਸ ਕਿਸੇ ਨੂੰ ਵੀ ਮਿਲੇ ਉਹ ਹੇਠ ਲਿਖੇ ਪਤੇ ਤੇ ਸੰਪਰਕ ਕਰੇ। ਮੋਬਾਈਲ 98164156581.

ਜਨਤਕ ਨੋਟਿਸ

ਇਸ ਦੁਆਰਾ ਆਮ ਜਨਤਾ ਨੂੰ ਸੂਚਿਤ ਕੀਤਾ ਜਾਂਦਾ ਹੈ ਕਿ ਬਲਵੀਰ ਸਿੰਘ ਦੀ ਫਰਮ ਦਾ ਰਜਿਸਟ੍ਰੇਸ਼ਨ ਸਰਟੀਫਿਕੇਟ ਨੰਬਰ 1054 ਮਿਤੀ 08.08.2006 ਗੁੰਮ ਹੋ ਗਿਆ ਹੈ। ਜਿਸ ਕਿਸੇ ਨੂੰ ਵੀ ਮਿਲੇ ਉਹ ਸੰਪਰਕ ਕਰੇ। ਮੋਬਾਈਲ 9815415081.

ਟ੍ਰਿਬਿਊਨਲ ਕਮਿਸ਼ਨਰ ਨਾਂਅ ਦੀ ਬਦਲੀ

ਮੈਂ ਬਲਜੀਤ ਸਿੰਘ ਪੁੱਤਰ ਗੁਰਮੇਲ ਸਿੰਘ ਵਾਸੀ ਬਠਿੰਡਾ ਦੀ ਗੱਡੀ ਨੰਬਰ AP32-0590(15 BHP) ਦੀ ਰਜਿਸਟ੍ਰੇਸ਼ਨ ਮੇਰੇ ਨਾਂਅ ਤੇ ਤਬਦੀਲ ਕਰਨ ਲਈ ਅਰਜ਼ੀ ਦਿੱਤੀ ਗਈ ਹੈ। ਜੇਕਰ ਕਿਸੇ ਨੂੰ ਕੋਈ ਇਤਰਾਜ਼ ਹੋਵੇ ਤਾਂ 15 ਦਿਨਾਂ ਦੇ ਅੰਦਰ ਸੰਪਰਕ ਕਰੇ।

ਸਹਾਇਕ ਟਰਾਂਸਪੋਰਟ ਅਫਸਰ

C K	C K
